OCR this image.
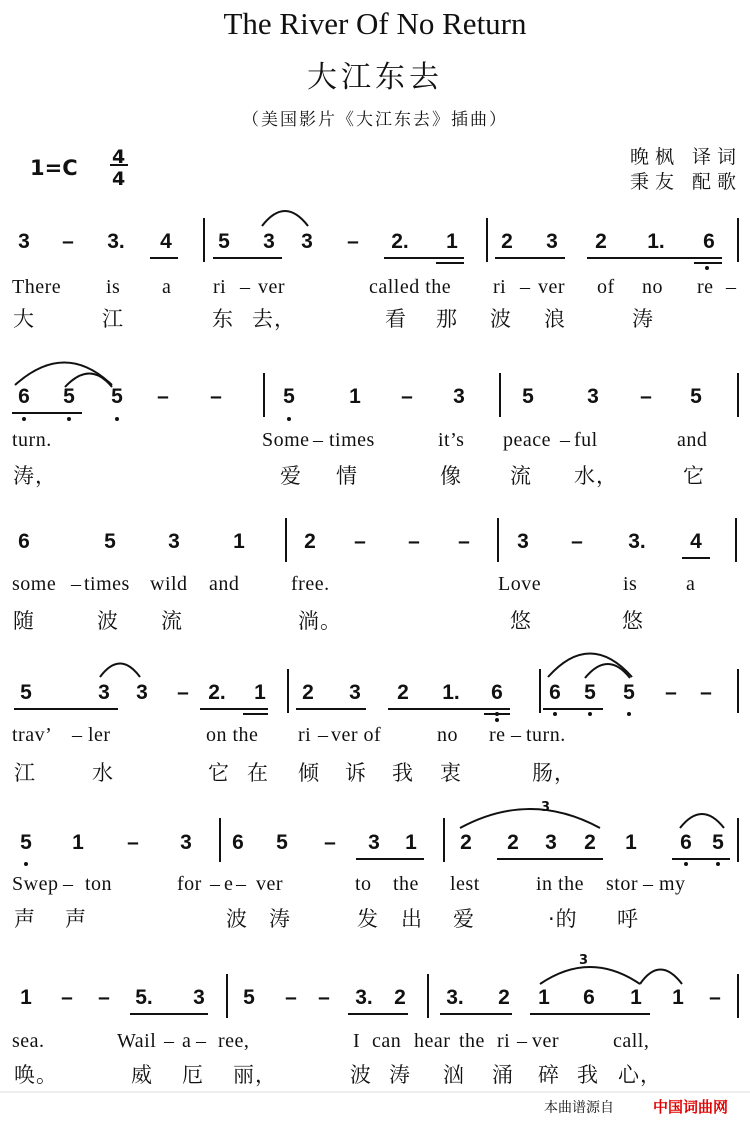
The River Of No Return
大江东去
（美国影片《大江东去》插曲）
1=C 4
4
晚枫 译词
秉友 配歌
3 – 3. 4 5 3 3 – 2. 1 2 3 2 1. 6
There is a ri – ver	called the ri – ver of no re –
大	江	东 去，	看 那 波 浪	涛
6 5 5 – –	5	1 – 3	5	3 – 5
turn.	Some – times	it’s peace – ful	and
涛，	爱 情	像 流 水，	它
6	5 3	1	2 – – – 3 – 3. 4
some – times wild and	free.	Love	is a
随	波 流	淌。	悠	悠
5	3 3 – 2. 1 2 3 2 1. 6 6 5 5 – –
trav’ – ler	on the ri – ver of	no re – turn.
江	水	它 在 倾 诉 我 衷	肠，
5 1 – 3 6 5 – 3 1 2 2 3 2 1 6 5
Swep – ton	for – e – ver	to the lest	in the stor – my
声 声	波 涛	发 出 爱	·的 呼
1 – – 5. 3 5 – – 3. 2 3. 2 1 6 1 1 –
sea.	Wail – a – ree,	I can hear the ri – ver	call,
唤。	威 厄 丽，	波 涛 汹 涌 碎 我 心，
3
3
本曲谱源自	中国词曲网
